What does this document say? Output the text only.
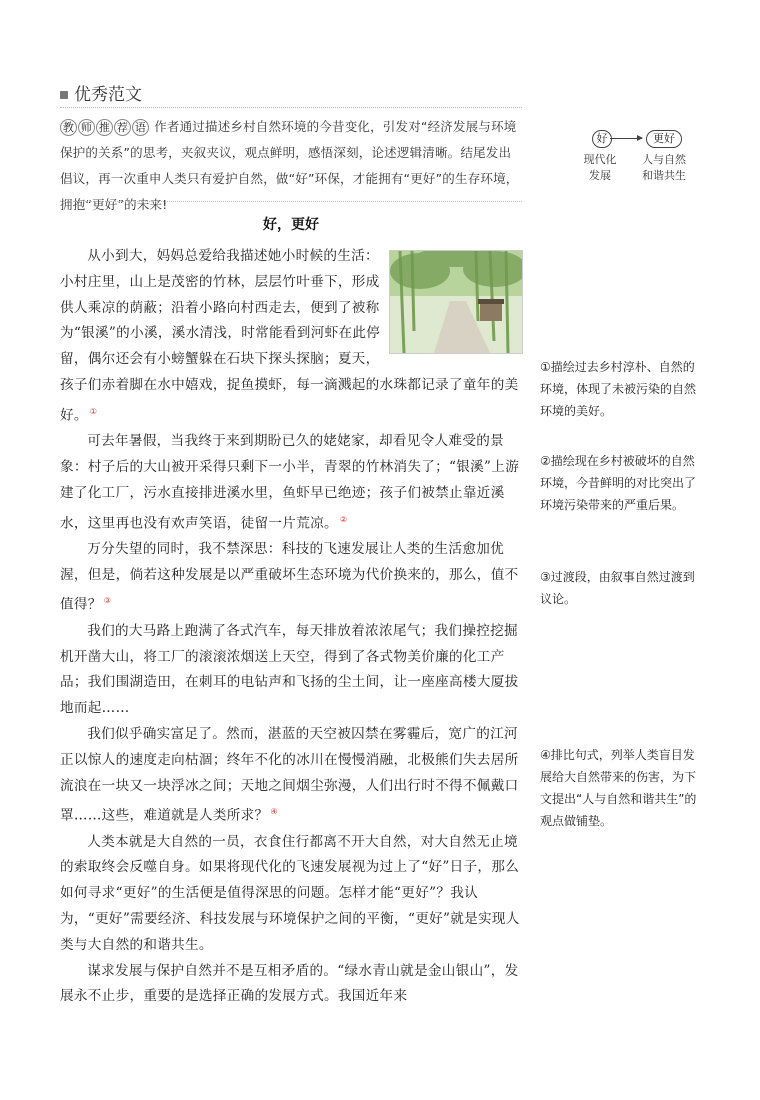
优秀范文
教 师 推 荐 语 作者通过描述乡村自然环境的今昔变化，引发对“经济发展与环境保护的关系”的思考，夹叙夹议，观点鲜明，感悟深刻，论述逻辑清晰。结尾发出倡议，再一次重申人类只有爱护自然，做“好”环保，才能拥有“更好”的生存环境，拥抱“更好”的未来!
好	更好
现代化
发展
人与自然
和谐共生
好，更好

从小到大，妈妈总爱给我描述她小时候的生活：小村庄里，山上是茂密的竹林，层层竹叶垂下，形成供人乘凉的荫蔽；沿着小路向村西走去，便到了被称为“银溪”的小溪，溪水清浅，时常能看到河虾在此停留，偶尔还会有小螃蟹躲在石块下探头探脑；夏天，孩子们赤着脚在水中嬉戏，捉鱼摸虾，每一滴溅起的水珠都记录了童年的美好。 ①

可去年暑假，当我终于来到期盼已久的姥姥家，却看见令人难受的景象：村子后的大山被开采得只剩下一小半，青翠的竹林消失了；“银溪”上游建了化工厂，污水直接排进溪水里，鱼虾早已绝迹；孩子们被禁止靠近溪水，这里再也没有欢声笑语，徒留一片荒凉。 ②

万分失望的同时，我不禁深思：科技的飞速发展让人类的生活愈加优渥，但是，倘若这种发展是以严重破坏生态环境为代价换来的，那么，值不值得？ ③

我们的大马路上跑满了各式汽车，每天排放着浓浓尾气；我们操控挖掘机开凿大山，将工厂的滚滚浓烟送上天空，得到了各式物美价廉的化工产品；我们围湖造田，在刺耳的电钻声和飞扬的尘土间，让一座座高楼大厦拔地而起……

我们似乎确实富足了。然而，湛蓝的天空被囚禁在雾霾后，宽广的江河正以惊人的速度走向枯涸；终年不化的冰川在慢慢消融，北极熊们失去居所流浪在一块又一块浮冰之间；天地之间烟尘弥漫，人们出行时不得不佩戴口罩……这些，难道就是人类所求？ ④

人类本就是大自然的一员，衣食住行都离不开大自然，对大自然无止境的索取终会反噬自身。如果将现代化的飞速发展视为过上了“好”日子，那么如何寻求“更好”的生活便是值得深思的问题。怎样才能“更好”？我认为，“更好”需要经济、科技发展与环境保护之间的平衡，“更好”就是实现人类与大自然的和谐共生。

谋求发展与保护自然并不是互相矛盾的。“绿水青山就是金山银山”，发展永不止步，重要的是选择正确的发展方式。我国近年来

①描绘过去乡村淳朴、自然的环境，体现了未被污染的自然环境的美好。
②描绘现在乡村被破坏的自然环境，今昔鲜明的对比突出了环境污染带来的严重后果。
③过渡段，由叙事自然过渡到议论。
④排比句式，列举人类盲目发展给大自然带来的伤害，为下文提出“人与自然和谐共生”的观点做铺垫。
